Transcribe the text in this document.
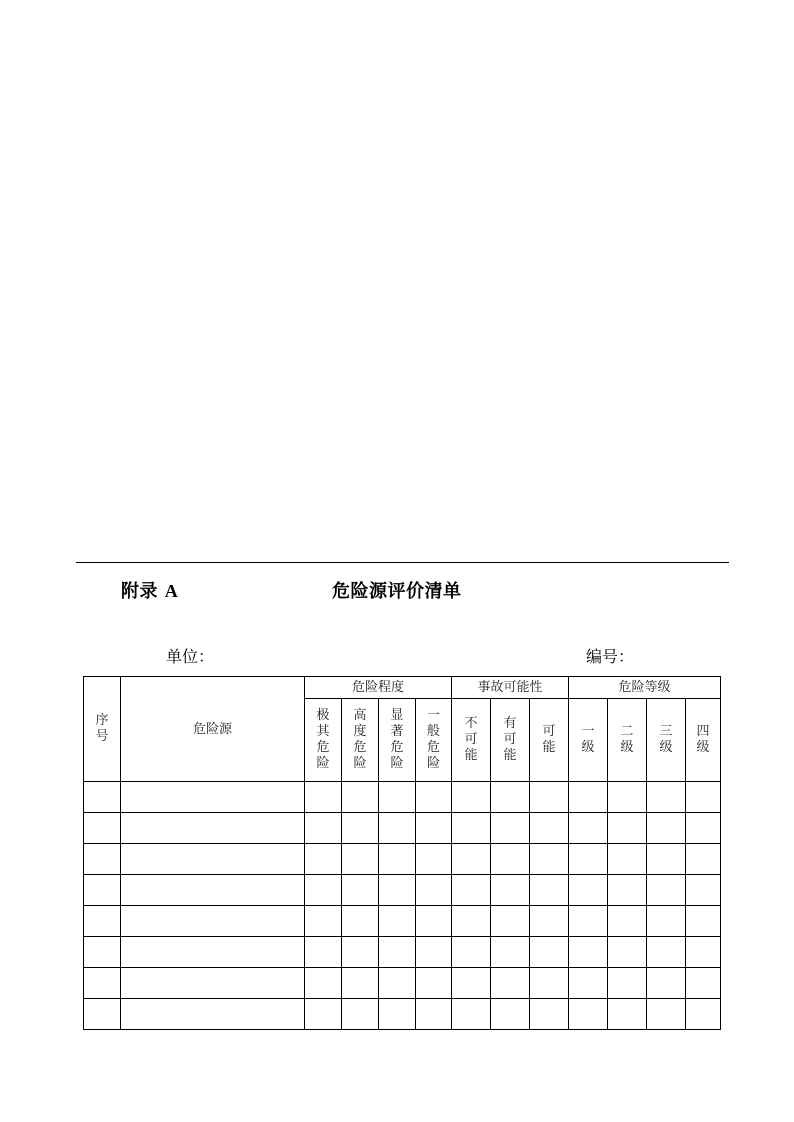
附录 A	危险源评价清单
单位：	编号：
序号	危险源	危险程度				事故可能性			危险等级			
		极其危险	高度危险	显著危险	一般危险	不可能	有可能	可能	一级	二级	三级	四级
